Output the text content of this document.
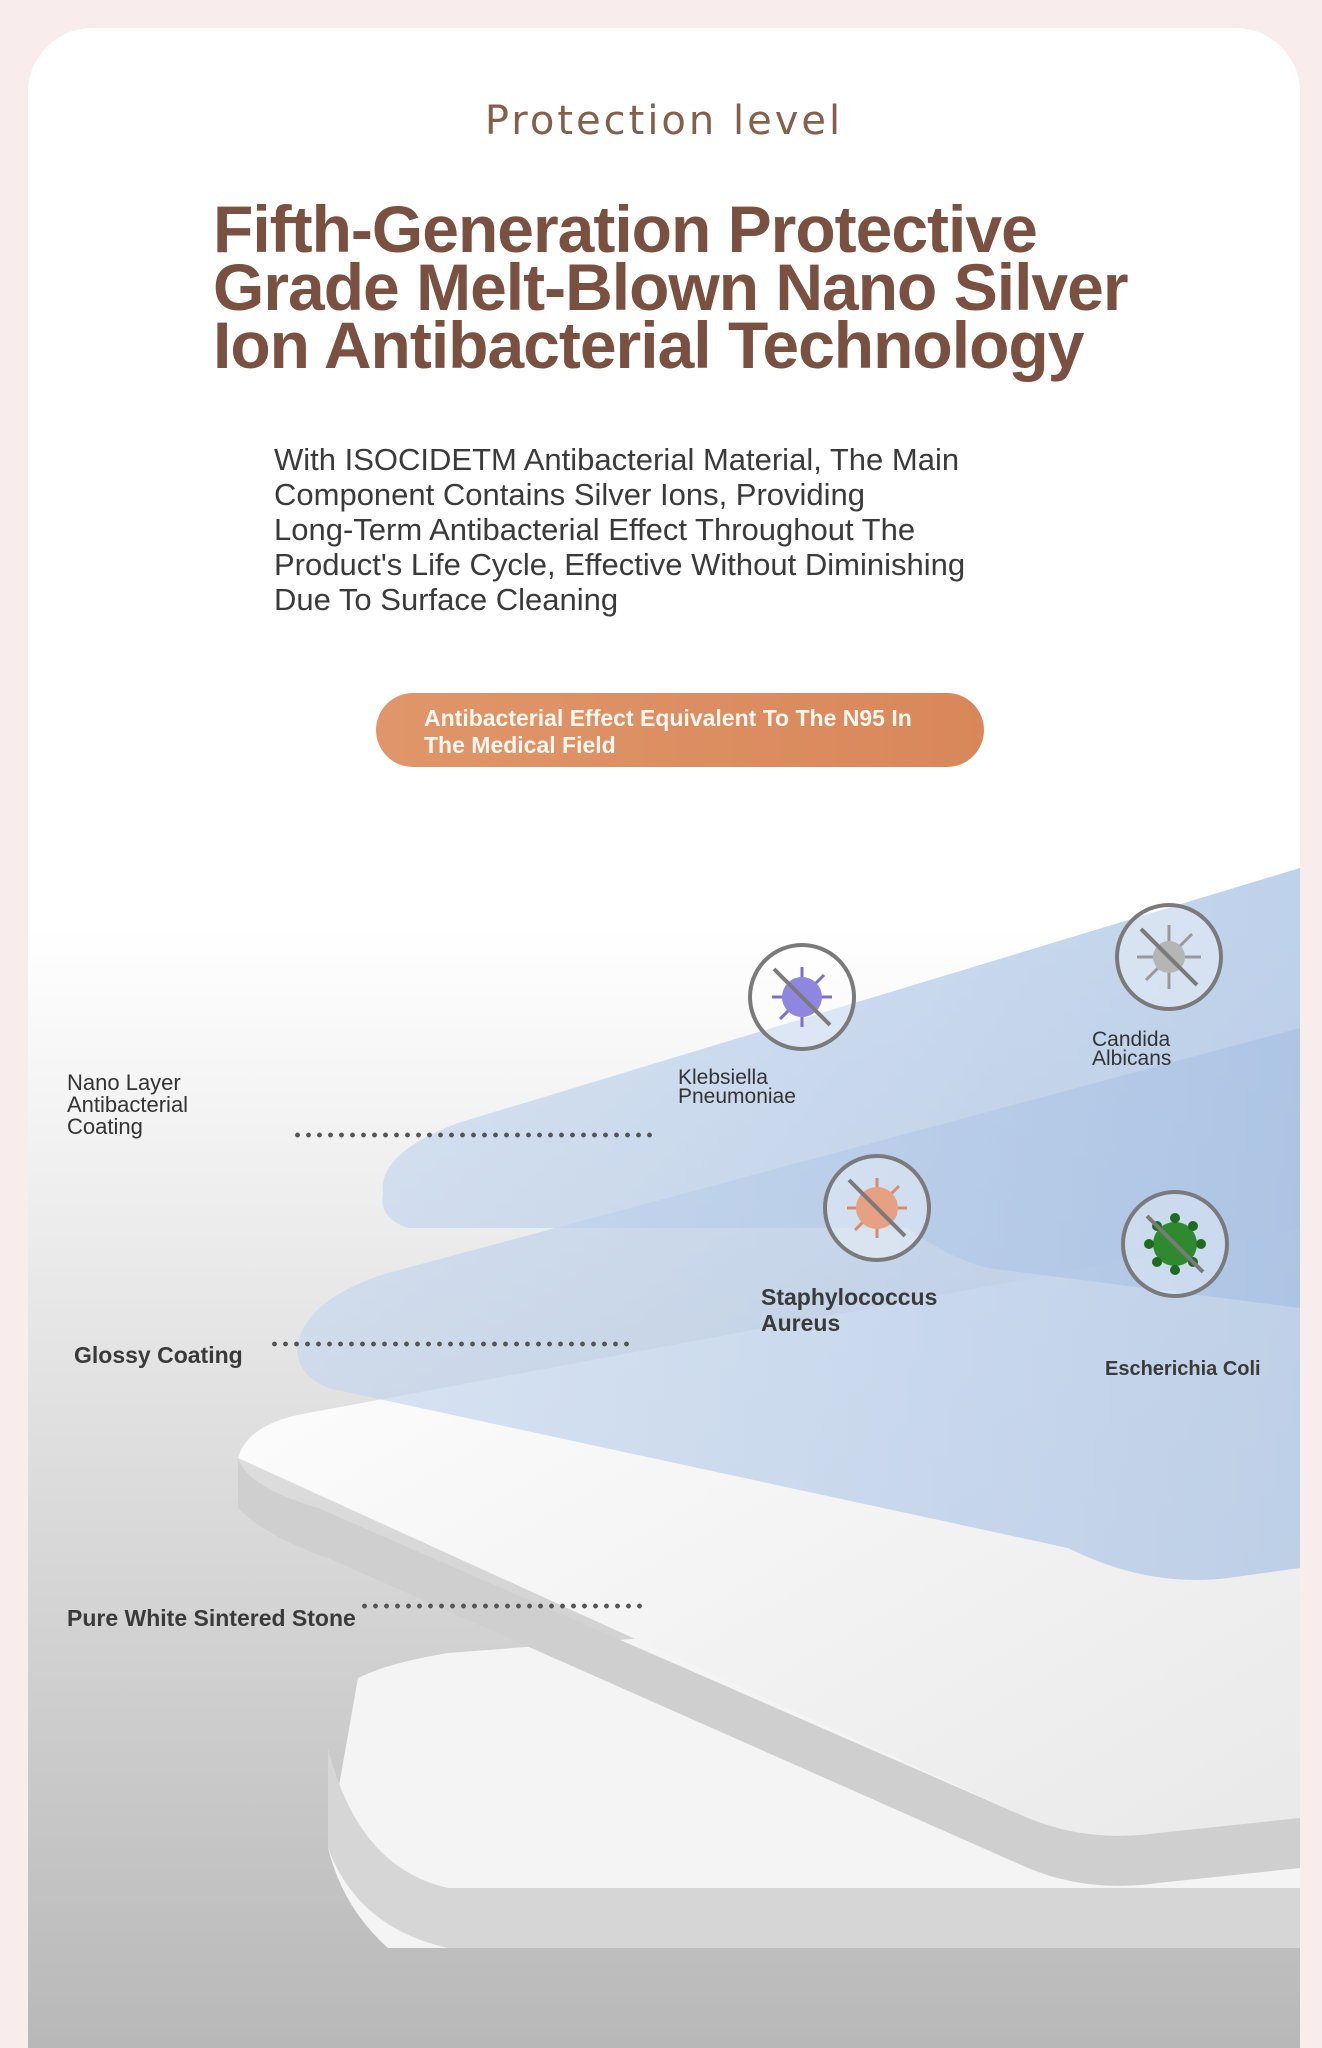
Protection level
Fifth-Generation Protective
Grade Melt-Blown Nano Silver
Ion Antibacterial Technology
With ISOCIDETM Antibacterial Material, The Main
Component Contains Silver Ions, Providing
Long-Term Antibacterial Effect Throughout The
Product's Life Cycle, Effective Without Diminishing
Due To Surface Cleaning
Antibacterial Effect Equivalent To The N95 In
The Medical Field
Nano Layer
Antibacterial
Coating
Glossy Coating
Pure White Sintered Stone
Klebsiella
Pneumoniae
Candida
Albicans
Staphylococcus
Aureus
Escherichia Coli
